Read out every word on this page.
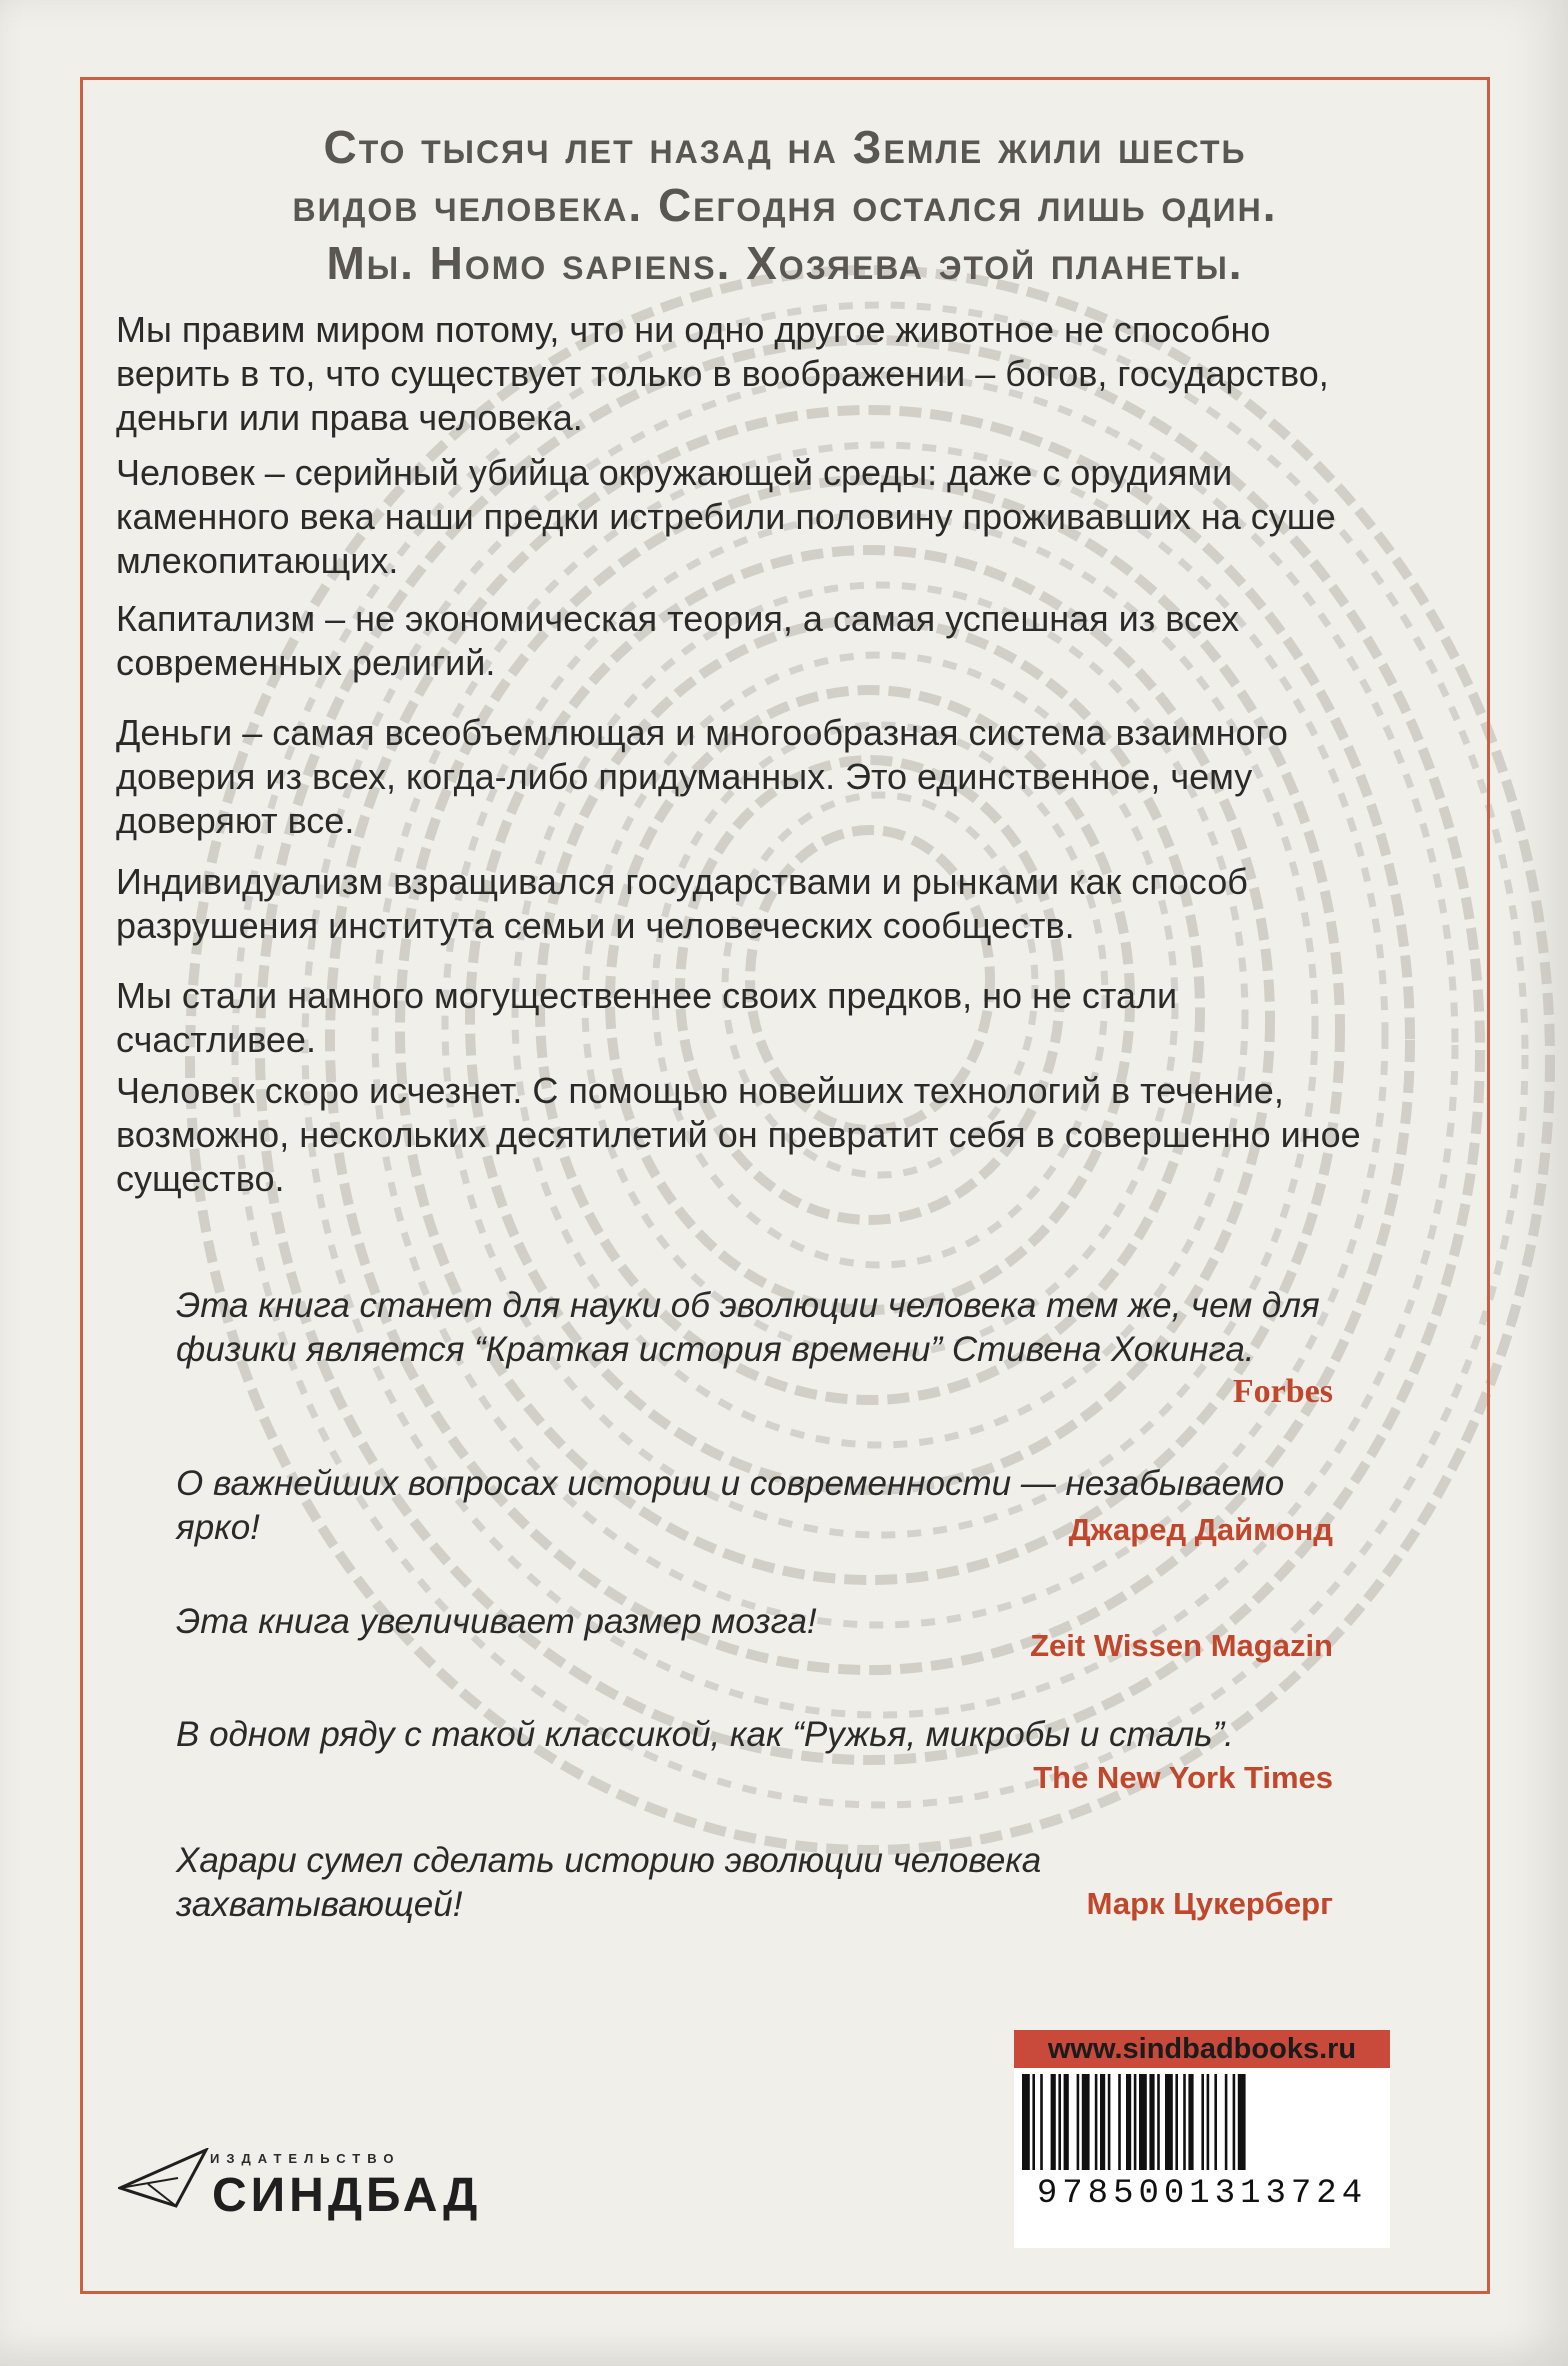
Сто тысяч лет назад на Земле жили шесть
видов человека. Сегодня остался лишь один.
Мы. Homo sapiens. Хозяева этой планеты.

Мы правим миром потому, что ни одно другое животное не способно верить в то, что существует только в воображении – богов, государство, деньги или права человека.

Человек – серийный убийца окружающей среды: даже с орудиями каменного века наши предки истребили половину проживавших на суше млекопитающих.

Капитализм – не экономическая теория, а самая успешная из всех современных религий.

Деньги – самая всеобъемлющая и многообразная система взаимного доверия из всех, когда-либо придуманных. Это единственное, чему доверяют все.

Индивидуализм взращивался государствами и рынками как способ разрушения института семьи и человеческих сообществ.

Мы стали намного могущественнее своих предков, но не стали счастливее.

Человек скоро исчезнет. С помощью новейших технологий в течение, возможно, нескольких десятилетий он превратит себя в совершенно иное существо.

Эта книга станет для науки об эволюции человека тем же, чем для физики является “Краткая история времени” Стивена Хокинга.

Forbes

О важнейших вопросах истории и современности — незабываемо ярко!	Джаред Даймонд

Эта книга увеличивает размер мозга!

Zeit Wissen Magazin

В одном ряду с такой классикой, как “Ружья, микробы и сталь”.

The New York Times

Харари сумел сделать историю эволюции человека захватывающей!	Марк Цукерберг
www.sindbadbooks.ru
9785001313724
ИЗДАТЕЛЬСТВО
СИНДБАД
